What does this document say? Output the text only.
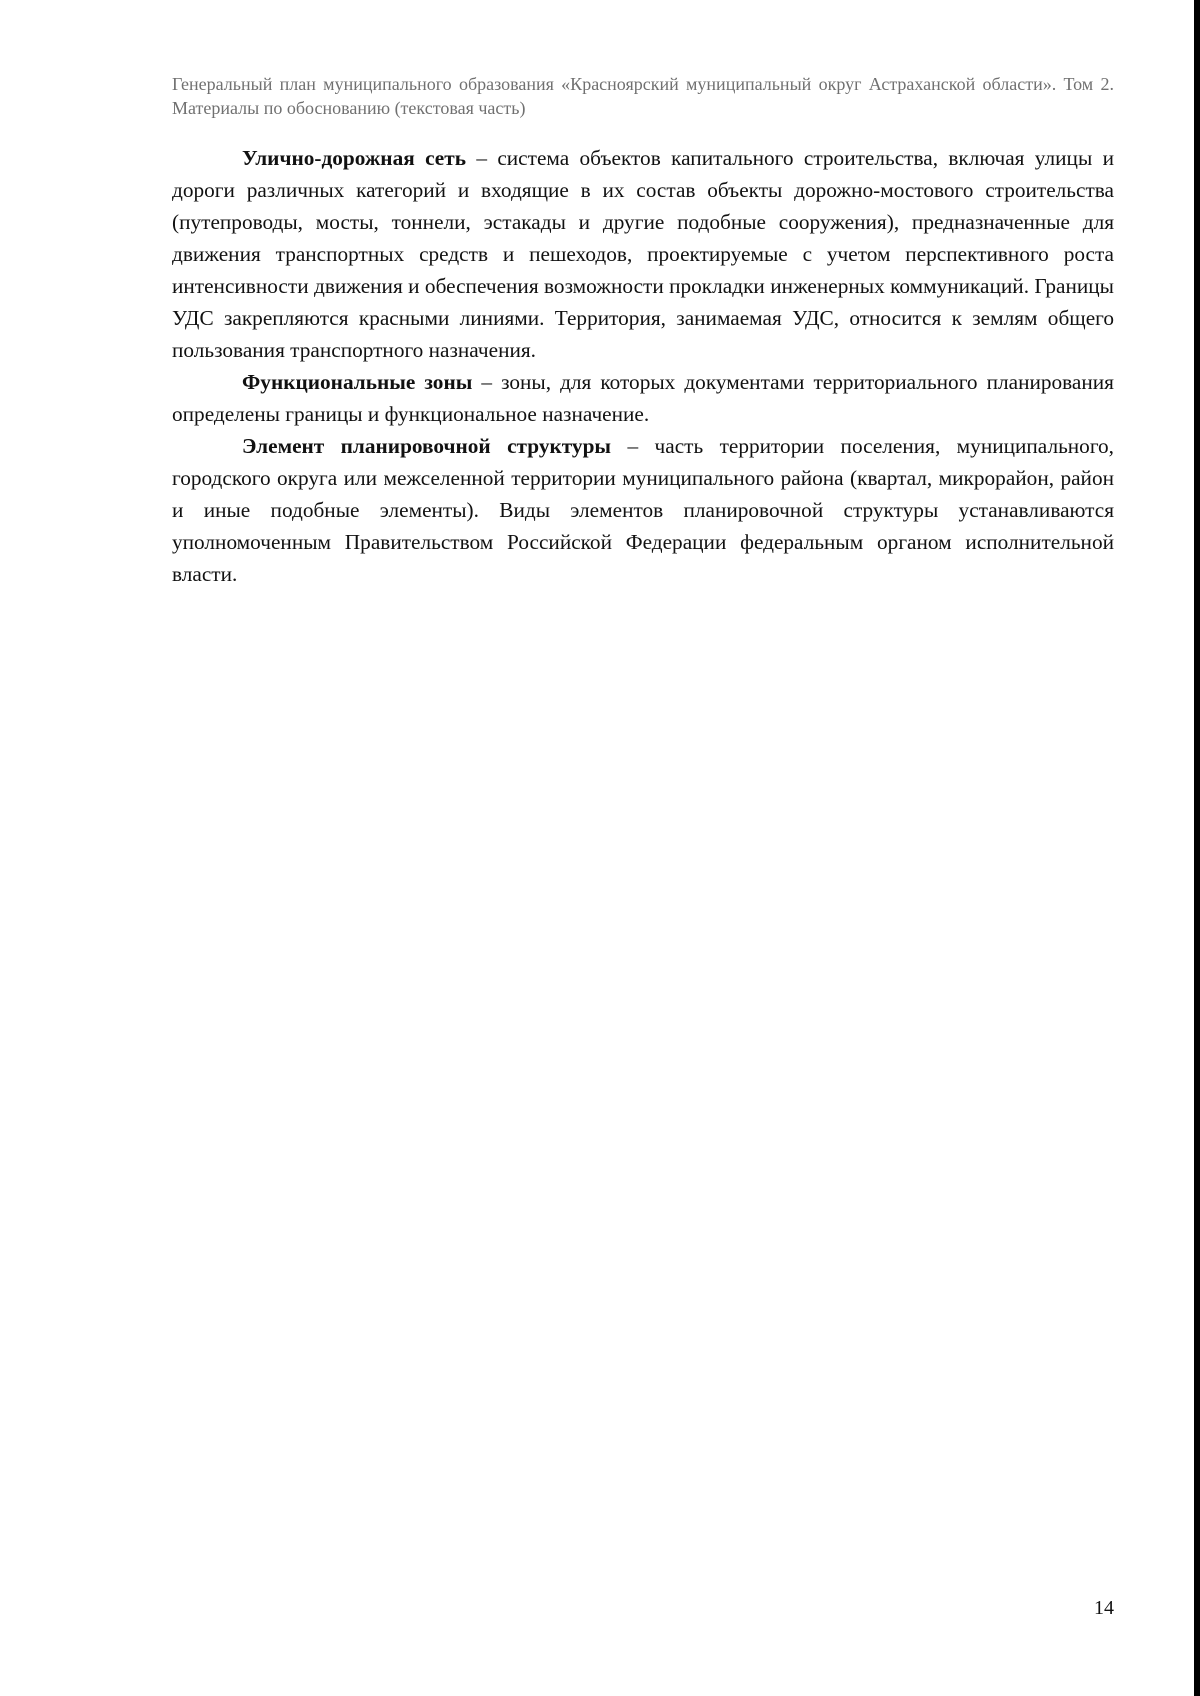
Генеральный план муниципального образования «Красноярский муниципальный округ Астраханской области». Том 2. Материалы по обоснованию (текстовая часть)

Улично-дорожная сеть – система объектов капитального строительства, включая улицы и дороги различных категорий и входящие в их состав объекты дорожно-мостового строительства (путепроводы, мосты, тоннели, эстакады и другие подобные сооружения), предназначенные для движения транспортных средств и пешеходов, проектируемые с учетом перспективного роста интенсивности движения и обеспечения возможности прокладки инженерных коммуникаций. Границы УДС закрепляются красными линиями. Территория, занимаемая УДС, относится к землям общего пользования транспортного назначения.

Функциональные зоны – зоны, для которых документами территориального планирования определены границы и функциональное назначение.

Элемент планировочной структуры – часть территории поселения, муниципального, городского округа или межселенной территории муниципального района (квартал, микрорайон, район и иные подобные элементы). Виды элементов планировочной структуры устанавливаются уполномоченным Правительством Российской Федерации федеральным органом исполнительной власти.

14
